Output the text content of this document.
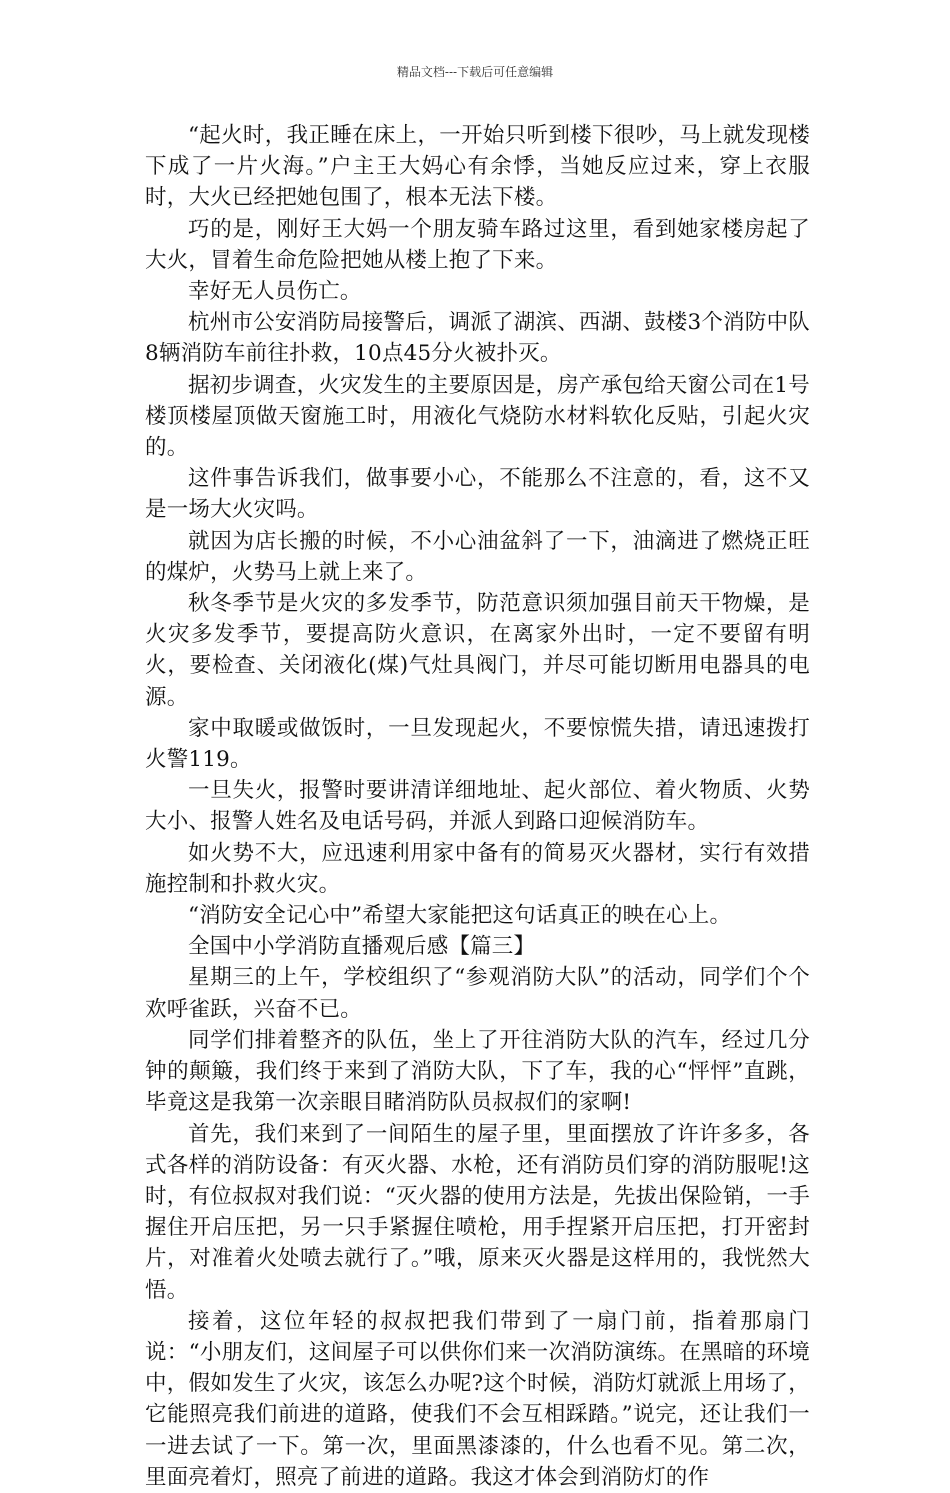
精品文档---下载后可任意编辑

“起火时，我正睡在床上，一开始只听到楼下很吵，马上就发现楼下成了一片火海。”户主王大妈心有余悸，当她反应过来，穿上衣服时，大火已经把她包围了，根本无法下楼。

巧的是，刚好王大妈一个朋友骑车路过这里，看到她家楼房起了大火，冒着生命危险把她从楼上抱了下来。

幸好无人员伤亡。

杭州市公安消防局接警后，调派了湖滨、西湖、鼓楼3个消防中队8辆消防车前往扑救，10点45分火被扑灭。

据初步调查，火灾发生的主要原因是，房产承包给天窗公司在1号楼顶楼屋顶做天窗施工时，用液化气烧防水材料软化反贴，引起火灾的。

这件事告诉我们，做事要小心，不能那么不注意的，看，这不又是一场大火灾吗。

就因为店长搬的时候，不小心油盆斜了一下，油滴进了燃烧正旺的煤炉，火势马上就上来了。

秋冬季节是火灾的多发季节，防范意识须加强目前天干物燥，是火灾多发季节，要提高防火意识，在离家外出时，一定不要留有明火，要检查、关闭液化(煤)气灶具阀门，并尽可能切断用电器具的电源。

家中取暖或做饭时，一旦发现起火，不要惊慌失措，请迅速拨打火警119。

一旦失火，报警时要讲清详细地址、起火部位、着火物质、火势大小、报警人姓名及电话号码，并派人到路口迎候消防车。

如火势不大，应迅速利用家中备有的简易灭火器材，实行有效措施控制和扑救火灾。

“消防安全记心中”希望大家能把这句话真正的映在心上。

全国中小学消防直播观后感【篇三】

星期三的上午，学校组织了“参观消防大队”的活动，同学们个个欢呼雀跃，兴奋不已。

同学们排着整齐的队伍，坐上了开往消防大队的汽车，经过几分钟的颠簸，我们终于来到了消防大队，下了车，我的心“怦怦”直跳，毕竟这是我第一次亲眼目睹消防队员叔叔们的家啊!

首先，我们来到了一间陌生的屋子里，里面摆放了许许多多，各式各样的消防设备：有灭火器、水枪，还有消防员们穿的消防服呢!这时，有位叔叔对我们说：“灭火器的使用方法是，先拔出保险销，一手握住开启压把，另一只手紧握住喷枪，用手捏紧开启压把，打开密封片，对准着火处喷去就行了。”哦，原来灭火器是这样用的，我恍然大悟。

接着，这位年轻的叔叔把我们带到了一扇门前，指着那扇门说：“小朋友们，这间屋子可以供你们来一次消防演练。在黑暗的环境中，假如发生了火灾，该怎么办呢?这个时候，消防灯就派上用场了，它能照亮我们前进的道路，使我们不会互相踩踏。”说完，还让我们一一进去试了一下。第一次，里面黑漆漆的，什么也看不见。第二次，里面亮着灯，照亮了前进的道路。我这才体会到消防灯的作
